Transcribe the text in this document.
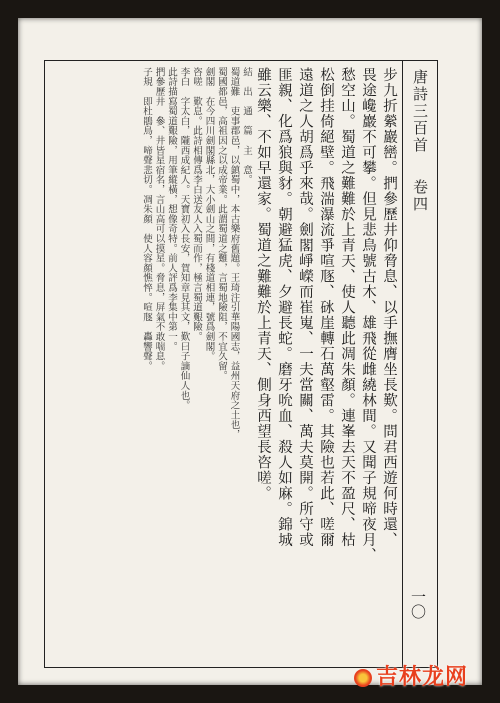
唐詩三百首 卷四
一〇
步九折縈巖巒。捫參歷井仰脅息、以手撫膺坐長歎。問君西遊何時還、
畏途巉巖不可攀。但見悲鳥號古木、雄飛從雌繞林間。又聞子規啼夜月、
愁空山。蜀道之難難於上青天、使人聽此凋朱顏。連峯去天不盈尺、枯
松倒挂倚絕壁。飛湍瀑流爭喧豗、砯崖轉石萬壑雷。其險也若此、嗟爾
遠道之人胡爲乎來哉。劍閣崢嶸而崔嵬、一夫當關、萬夫莫開。所守或
匪親、化爲狼與豺。朝避猛虎、夕避長蛇。磨牙吮血、殺人如麻。錦城
雖云樂、不如早還家。蜀道之難難於上青天、側身西望長咨嗟。
結　出　通　篇　主　意。
蜀道難　吏事郡邑，以鎮蜀中，本古樂府舊題。王琦注引華陽國志，益州天府之土也，
蜀國都邑，高祖因之以成帝業。此謂蜀道之難，言蜀地險阻，不宜久留。
劍閣　在今四川劍閣縣北，大小劍山之間，有棧道相連，號爲劍閣。
咨嗟　歎息。此詩相傳爲李白送友人入蜀而作，極言蜀道艱險。
李白　字太白，隴西成紀人。天寶初入長安，賀知章見其文，歎曰子謫仙人也。
此詩描寫蜀道艱險，用筆縱橫，想像奇特。前人評爲李集中第一。
捫參歷井　參、井皆星宿名，言山高可以摸星。脅息，屏氣不敢喘息。
子規　即杜鵑鳥，啼聲悲切。凋朱顏　使人容顏憔悴。喧豗　轟響聲。
吉林龙网
